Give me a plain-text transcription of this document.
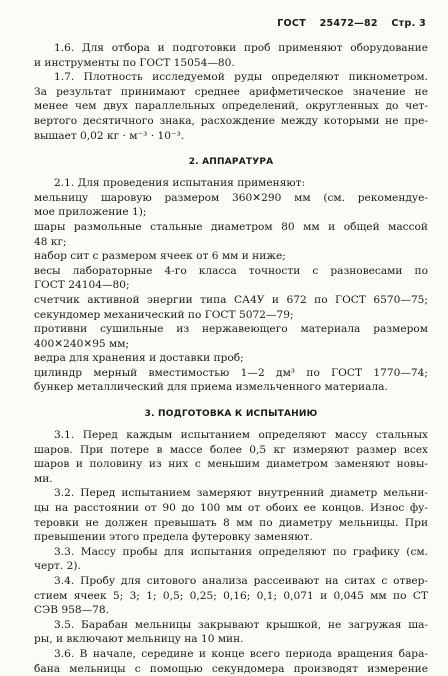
ГОСТ 25472—82 Стр. 3

1.6. Для отбора и подготовки проб применяют оборудование
и инструменты по ГОСТ 15054—80.

1.7. Плотность исследуемой руды определяют пикнометром.
За результат принимают среднее арифметическое значение не
менее чем двух параллельных определений, округленных до чет-
вертого десятичного знака, расхождение между которыми не пре-
вышает 0,02 кг · м⁻³ · 10⁻³.

2. АППАРАТУРА

2.1. Для проведения испытания применяют:
мельницу шаровую размером 360✕290 мм (см. рекомендуе-
мое приложение 1);
шары размольные стальные диаметром 80 мм и общей массой
48 кг;
набор сит с размером ячеек от 6 мм и ниже;
весы лабораторные 4-го класса точности с разновесами по
ГОСТ 24104—80;
счетчик активной энергии типа СА4У и 672 по ГОСТ 6570—75;
секундомер механический по ГОСТ 5072—79;
противни сушильные из нержавеющего материала размером
400✕240✕95 мм;
ведра для хранения и доставки проб;
цилиндр мерный вместимостью 1—2 дм³ по ГОСТ 1770—74;
бункер металлический для приема измельченного материала.

3. ПОДГОТОВКА К ИСПЫТАНИЮ

3.1. Перед каждым испытанием определяют массу стальных
шаров. При потере в массе более 0,5 кг измеряют размер всех
шаров и половину из них с меньшим диаметром заменяют новы-
ми.

3.2. Перед испытанием замеряют внутренний диаметр мельни-
цы на расстоянии от 90 до 100 мм от обоих ее концов. Износ фу-
теровки не должен превышать 8 мм по диаметру мельницы. При
превышении этого предела футеровку заменяют.

3.3. Массу пробы для испытания определяют по графику (см.
черт. 2).

3.4. Пробу для ситового анализа рассеивают на ситах с отвер-
стием ячеек 5; 3; 1; 0,5; 0,25; 0,16; 0,1; 0,071 и 0,045 мм по СТ
СЭВ 958—78.

3.5. Барабан мельницы закрывают крышкой, не загружая ша-
ры, и включают мельницу на 10 мин.

3.6. В начале, середине и конце всего периода вращения бара-
бана мельницы с помощью секундомера производят измерение
